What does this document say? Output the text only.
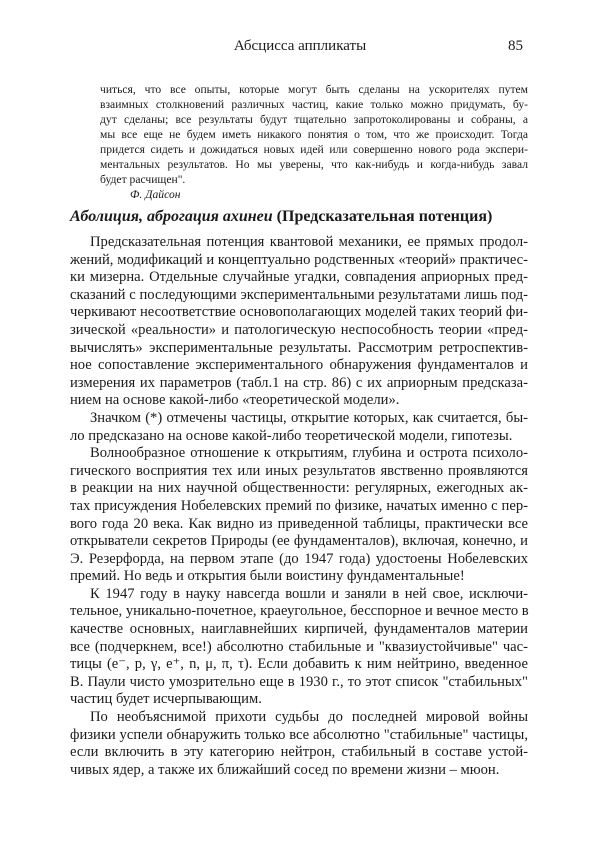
Абсцисса аппликаты	85
читься, что все опыты, которые могут быть сделаны на ускорителях путем
взаимных столкновений различных частиц, какие только можно придумать, бу-
дут сделаны; все результаты будут тщательно запротоколированы и собраны, а
мы все еще не будем иметь никакого понятия о том, что же происходит. Тогда
придется сидеть и дожидаться новых идей или совершенно нового рода экспери-
ментальных результатов. Но мы уверены, что как-нибудь и когда-нибудь завал
будет расчищен".
Ф. Дайсон
Аболиция, аброгация ахинеи (Предсказательная потенция)
Предсказательная потенция квантовой механики, ее прямых продол-
жений, модификаций и концептуально родственных «теорий» практичес-
ки мизерна. Отдельные случайные угадки, совпадения априорных пред-
сказаний с последующими экспериментальными результатами лишь под-
черкивают несоответствие основополагающих моделей таких теорий фи-
зической «реальности» и патологическую неспособность теории «пред-
вычислять» экспериментальные результаты. Рассмотрим ретроспектив-
ное сопоставление экспериментального обнаружения фундаменталов и
измерения их параметров (табл.1 на стр. 86) с их априорным предсказа-
нием на основе какой-либо «теоретической модели».
Значком (*) отмечены частицы, открытие которых, как считается, бы-
ло предсказано на основе какой-либо теоретической модели, гипотезы.
Волнообразное отношение к открытиям, глубина и острота психоло-
гического восприятия тех или иных результатов явственно проявляются
в реакции на них научной общественности: регулярных, ежегодных ак-
тах присуждения Нобелевских премий по физике, начатых именно с пер-
вого года 20 века. Как видно из приведенной таблицы, практически все
открыватели секретов Природы (ее фундаменталов), включая, конечно, и
Э. Резерфорда, на первом этапе (до 1947 года) удостоены Нобелевских
премий. Но ведь и открытия были воистину фундаментальные!
К 1947 году в науку навсегда вошли и заняли в ней свое, исключи-
тельное, уникально-почетное, краеугольное, бесспорное и вечное место в
качестве основных, наиглавнейших кирпичей, фундаменталов материи
все (подчеркнем, все!) абсолютно стабильные и "квазиустойчивые" час-
тицы (e⁻, p, γ, e⁺, n, μ, π, τ). Если добавить к ним нейтрино, введенное
В. Паули чисто умозрительно еще в 1930 г., то этот список "стабильных"
частиц будет исчерпывающим.
По необъяснимой прихоти судьбы до последней мировой войны
физики успели обнаружить только все абсолютно "стабильные" частицы,
если включить в эту категорию нейтрон, стабильный в составе устой-
чивых ядер, а также их ближайший сосед по времени жизни – мюон.
